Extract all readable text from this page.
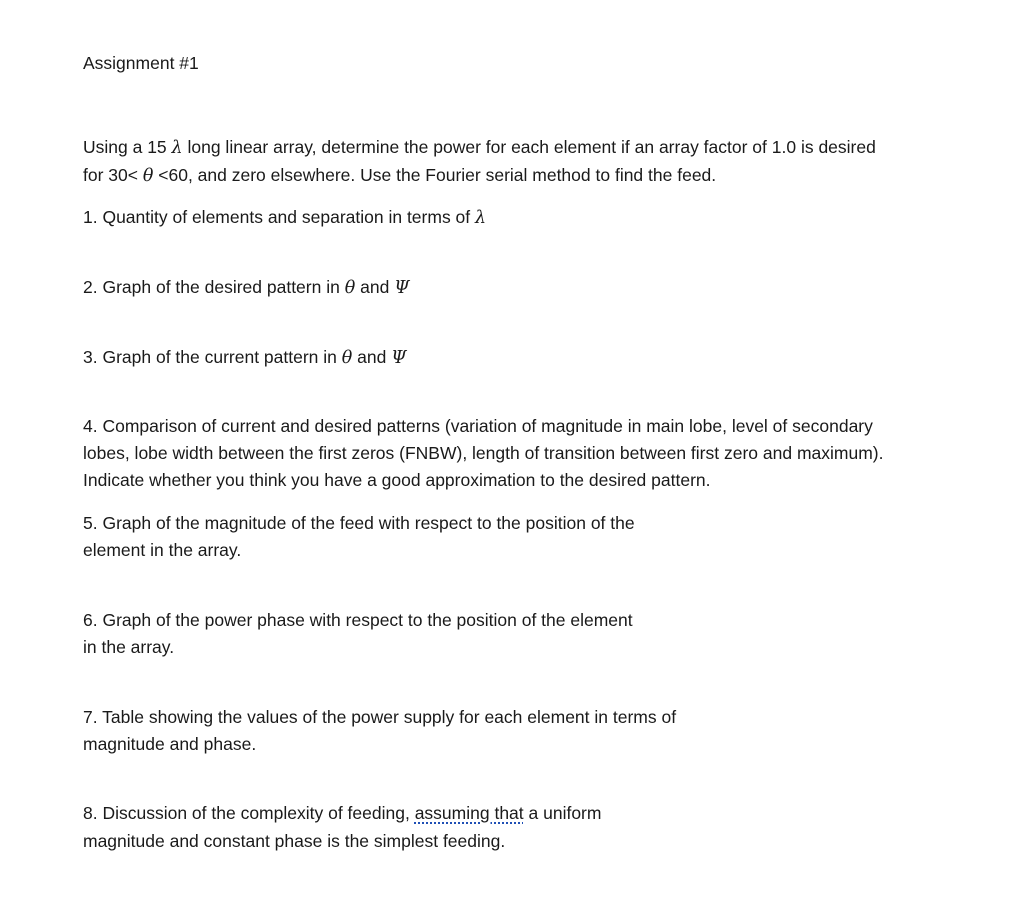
Assignment #1
Using a 15 λ long linear array, determine the power for each element if an array factor of 1.0 is desired
for 30< θ <60, and zero elsewhere. Use the Fourier serial method to find the feed.
1. Quantity of elements and separation in terms of λ
2. Graph of the desired pattern in θ and Ψ
3. Graph of the current pattern in θ and Ψ
4. Comparison of current and desired patterns (variation of magnitude in main lobe, level of secondary
lobes, lobe width between the first zeros (FNBW), length of transition between first zero and maximum).
Indicate whether you think you have a good approximation to the desired pattern.
5. Graph of the magnitude of the feed with respect to the position of the
element in the array.
6. Graph of the power phase with respect to the position of the element
in the array.
7. Table showing the values of the power supply for each element in terms of
magnitude and phase.
8. Discussion of the complexity of feeding, assuming that a uniform
magnitude and constant phase is the simplest feeding.
